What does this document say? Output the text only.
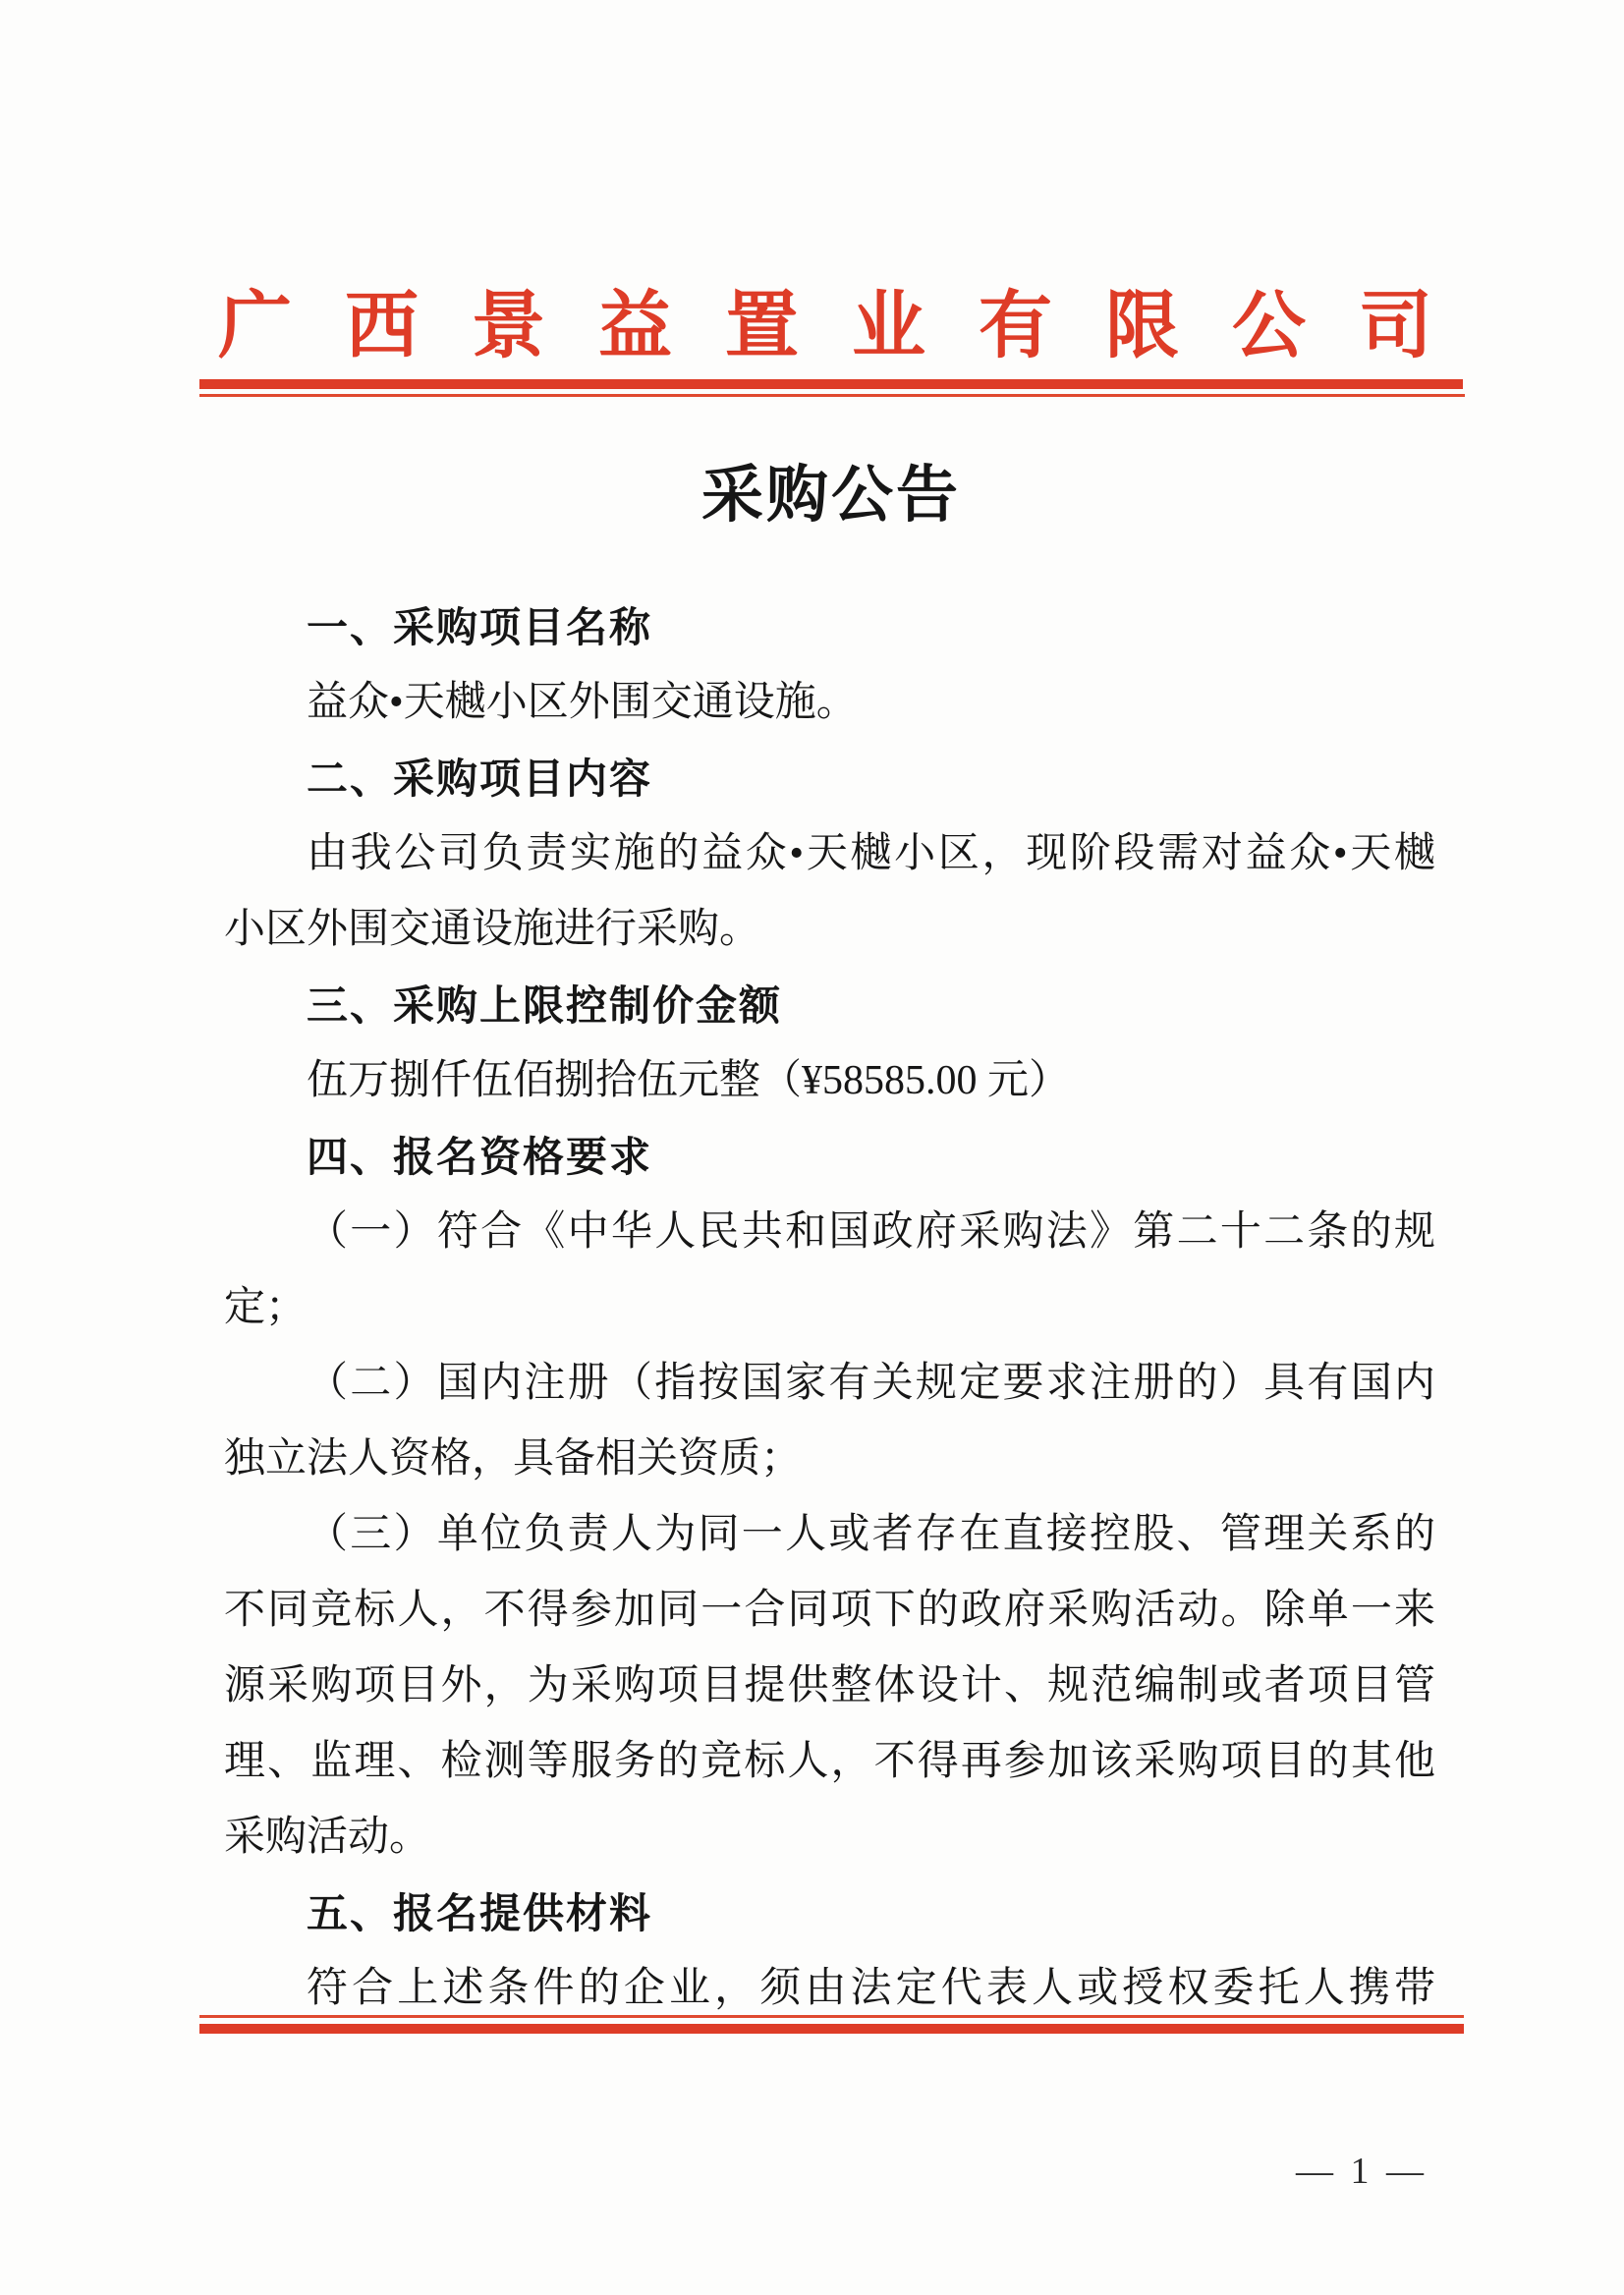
广西景益置业有限公司
采购公告
一、采购项目名称
益众•天樾小区外围交通设施。
二、采购项目内容
由我公司负责实施的益众•天樾小区，现阶段需对益众•天樾
小区外围交通设施进行采购。
三、采购上限控制价金额
伍万捌仟伍佰捌拾伍元整（¥58585.00 元）
四、报名资格要求
（一）符合《中华人民共和国政府采购法》第二十二条的规
定；
（二）国内注册（指按国家有关规定要求注册的）具有国内
独立法人资格，具备相关资质；
（三）单位负责人为同一人或者存在直接控股、管理关系的
不同竞标人，不得参加同一合同项下的政府采购活动。除单一来
源采购项目外，为采购项目提供整体设计、规范编制或者项目管
理、监理、检测等服务的竞标人，不得再参加该采购项目的其他
采购活动。
五、报名提供材料
符合上述条件的企业，须由法定代表人或授权委托人携带
— 1 —
